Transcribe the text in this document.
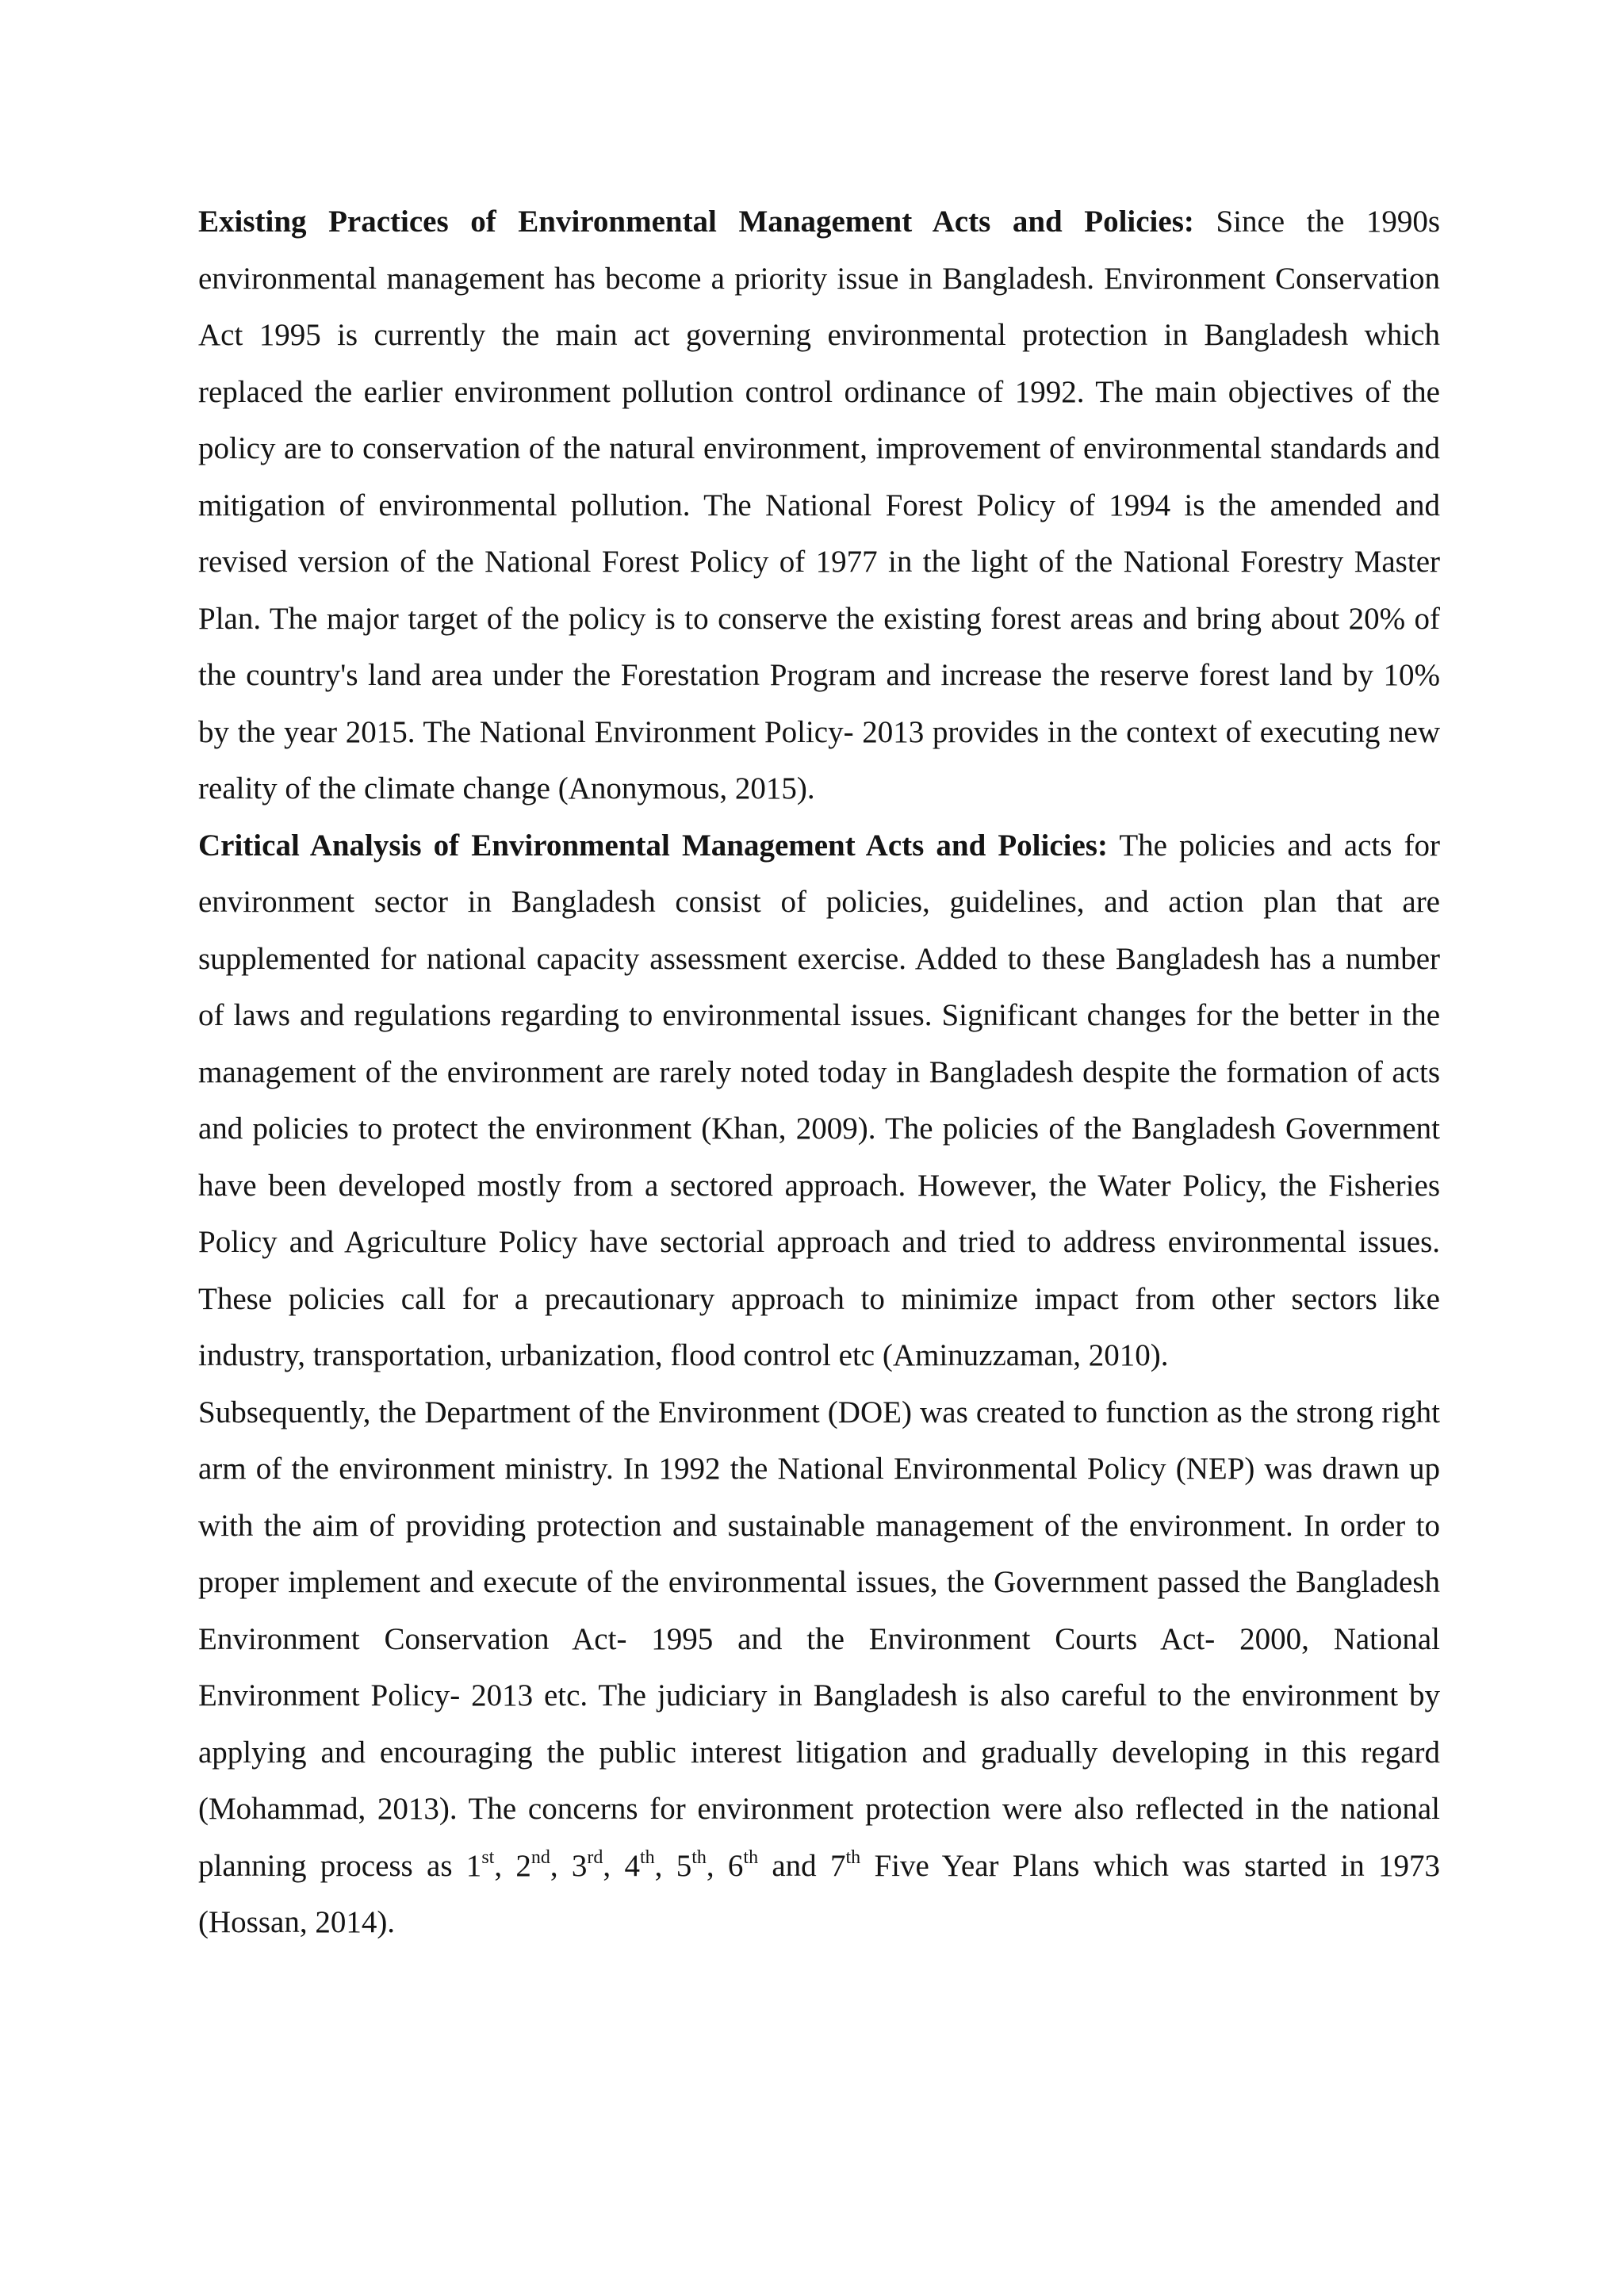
Existing Practices of Environmental Management Acts and Policies: Since the 1990s environmental management has become a priority issue in Bangladesh. Environment Conservation Act 1995 is currently the main act governing environmental protection in Bangladesh which replaced the earlier environment pollution control ordinance of 1992. The main objectives of the policy are to conservation of the natural environment, improvement of environmental standards and mitigation of environmental pollution. The National Forest Policy of 1994 is the amended and revised version of the National Forest Policy of 1977 in the light of the National Forestry Master Plan. The major target of the policy is to conserve the existing forest areas and bring about 20% of the country's land area under the Forestation Program and increase the reserve forest land by 10% by the year 2015. The National Environment Policy- 2013 provides in the context of executing new reality of the climate change (Anonymous, 2015).

Critical Analysis of Environmental Management Acts and Policies: The policies and acts for environment sector in Bangladesh consist of policies, guidelines, and action plan that are supplemented for national capacity assessment exercise. Added to these Bangladesh has a number of laws and regulations regarding to environmental issues. Significant changes for the better in the management of the environment are rarely noted today in Bangladesh despite the formation of acts and policies to protect the environment (Khan, 2009). The policies of the Bangladesh Government have been developed mostly from a sectored approach. However, the Water Policy, the Fisheries Policy and Agriculture Policy have sectorial approach and tried to address environmental issues. These policies call for a precautionary approach to minimize impact from other sectors like industry, transportation, urbanization, flood control etc (Aminuzzaman, 2010).

Subsequently, the Department of the Environment (DOE) was created to function as the strong right arm of the environment ministry. In 1992 the National Environmental Policy (NEP) was drawn up with the aim of providing protection and sustainable management of the environment. In order to proper implement and execute of the environmental issues, the Government passed the Bangladesh Environment Conservation Act- 1995 and the Environment Courts Act- 2000, National Environment Policy- 2013 etc. The judiciary in Bangladesh is also careful to the environment by applying and encouraging the public interest litigation and gradually developing in this regard (Mohammad, 2013). The concerns for environment protection were also reflected in the national planning process as 1st, 2nd, 3rd, 4th, 5th, 6th and 7th Five Year Plans which was started in 1973 (Hossan, 2014).
